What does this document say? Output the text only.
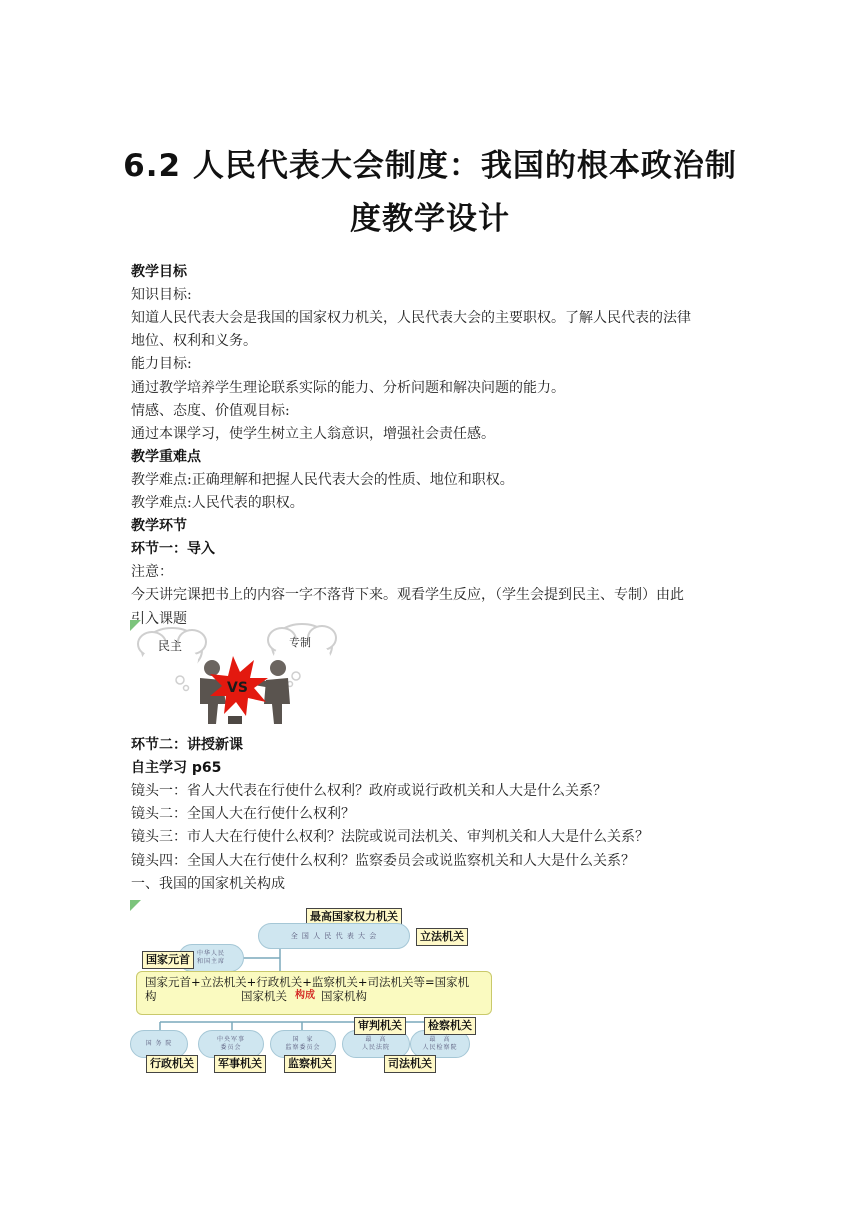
6.2 人民代表大会制度：我国的根本政治制
度教学设计
教学目标
知识目标:
知道人民代表大会是我国的国家权力机关，人民代表大会的主要职权。了解人民代表的法律
地位、权利和义务。
能力目标:
通过教学培养学生理论联系实际的能力、分析问题和解决问题的能力。
情感、态度、价值观目标:
通过本课学习，使学生树立主人翁意识，增强社会责任感。
教学重难点
教学难点:正确理解和把握人民代表大会的性质、地位和职权。
教学难点:人民代表的职权。
教学环节
环节一：导入
注意：
今天讲完课把书上的内容一字不落背下来。观看学生反应，（学生会提到民主、专制）由此
引入课题
民主	专制
VS
环节二：讲授新课
自主学习 p65
镜头一：省人大代表在行使什么权利？政府或说行政机关和人大是什么关系？
镜头二：全国人大在行使什么权利？
镜头三：市人大在行使什么权利？法院或说司法机关、审判机关和人大是什么关系？
镜头四：全国人大在行使什么权利？监察委员会或说监察机关和人大是什么关系？
一、我国的国家机关构成
最高国家权力机关
全 国 人 民 代 表 大 会	立法机关
中华人民
和国主席
国家元首
国家元首+立法机关+行政机关+监察机关+司法机关等=国家机
构	国家机关 构成 国家机构
国 务 院
中央军事
委员会
国　家
监察委员会
最　高
人民法院
最　高
人民检察院
审判机关	检察机关
行政机关	军事机关	监察机关	司法机关
